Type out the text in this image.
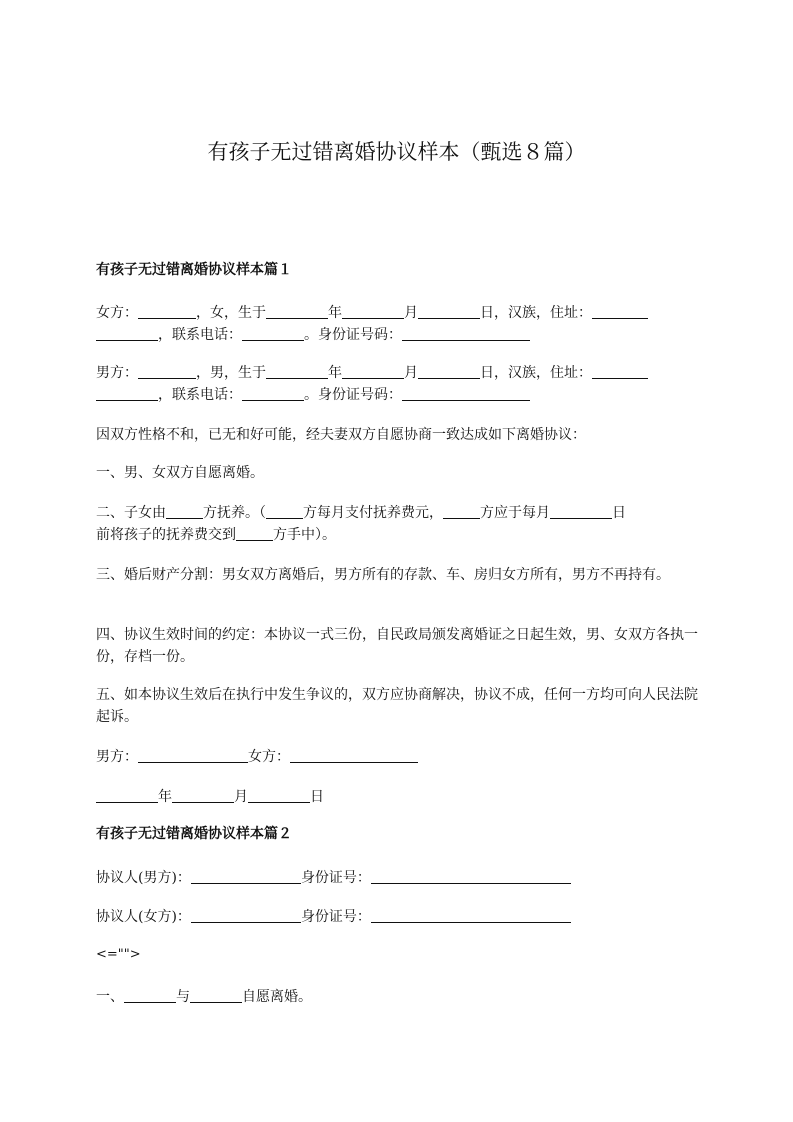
有孩子无过错离婚协议样本（甄选８篇）
有孩子无过错离婚协议样本篇１
女方：	，女，生于	年	月	日，汉族，住址：
，联系电话：	。身份证号码：
男方：	，男，生于	年	月	日，汉族，住址：
，联系电话：	。身份证号码：
因双方性格不和，已无和好可能，经夫妻双方自愿协商一致达成如下离婚协议：
一、男、女双方自愿离婚。
二、子女由	方抚养。（	方每月支付抚养费元，	方应于每月	日
前将孩子的抚养费交到	方手中）。
三、婚后财产分割：男女双方离婚后，男方所有的存款、车、房归女方所有，男方不再持有。
四、协议生效时间的约定：本协议一式三份，自民政局颁发离婚证之日起生效，男、女双方各执一份，存档一份。
五、如本协议生效后在执行中发生争议的，双方应协商解决，协议不成，任何一方均可向人民法院起诉。
男方：	女方：
年	月	日
有孩子无过错离婚协议样本篇２
协议人(男方)：	身份证号：
协议人(女方)：	身份证号：
<="">
一、	与	自愿离婚。
